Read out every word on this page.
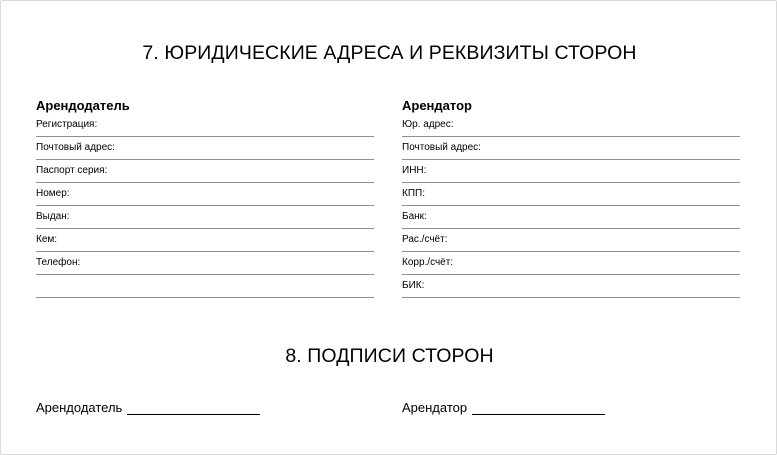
7. ЮРИДИЧЕСКИЕ АДРЕСА И РЕКВИЗИТЫ СТОРОН
Арендодатель
Регистрация:
Почтовый адрес:
Паспорт серия:
Номер:
Выдан:
Кем:
Телефон:
Арендатор
Юр. адрес:
Почтовый адрес:
ИНН:
КПП:
Банк:
Рас./счёт:
Корр./счёт:
БИК:
8. ПОДПИСИ СТОРОН
Арендодатель	Арендатор
